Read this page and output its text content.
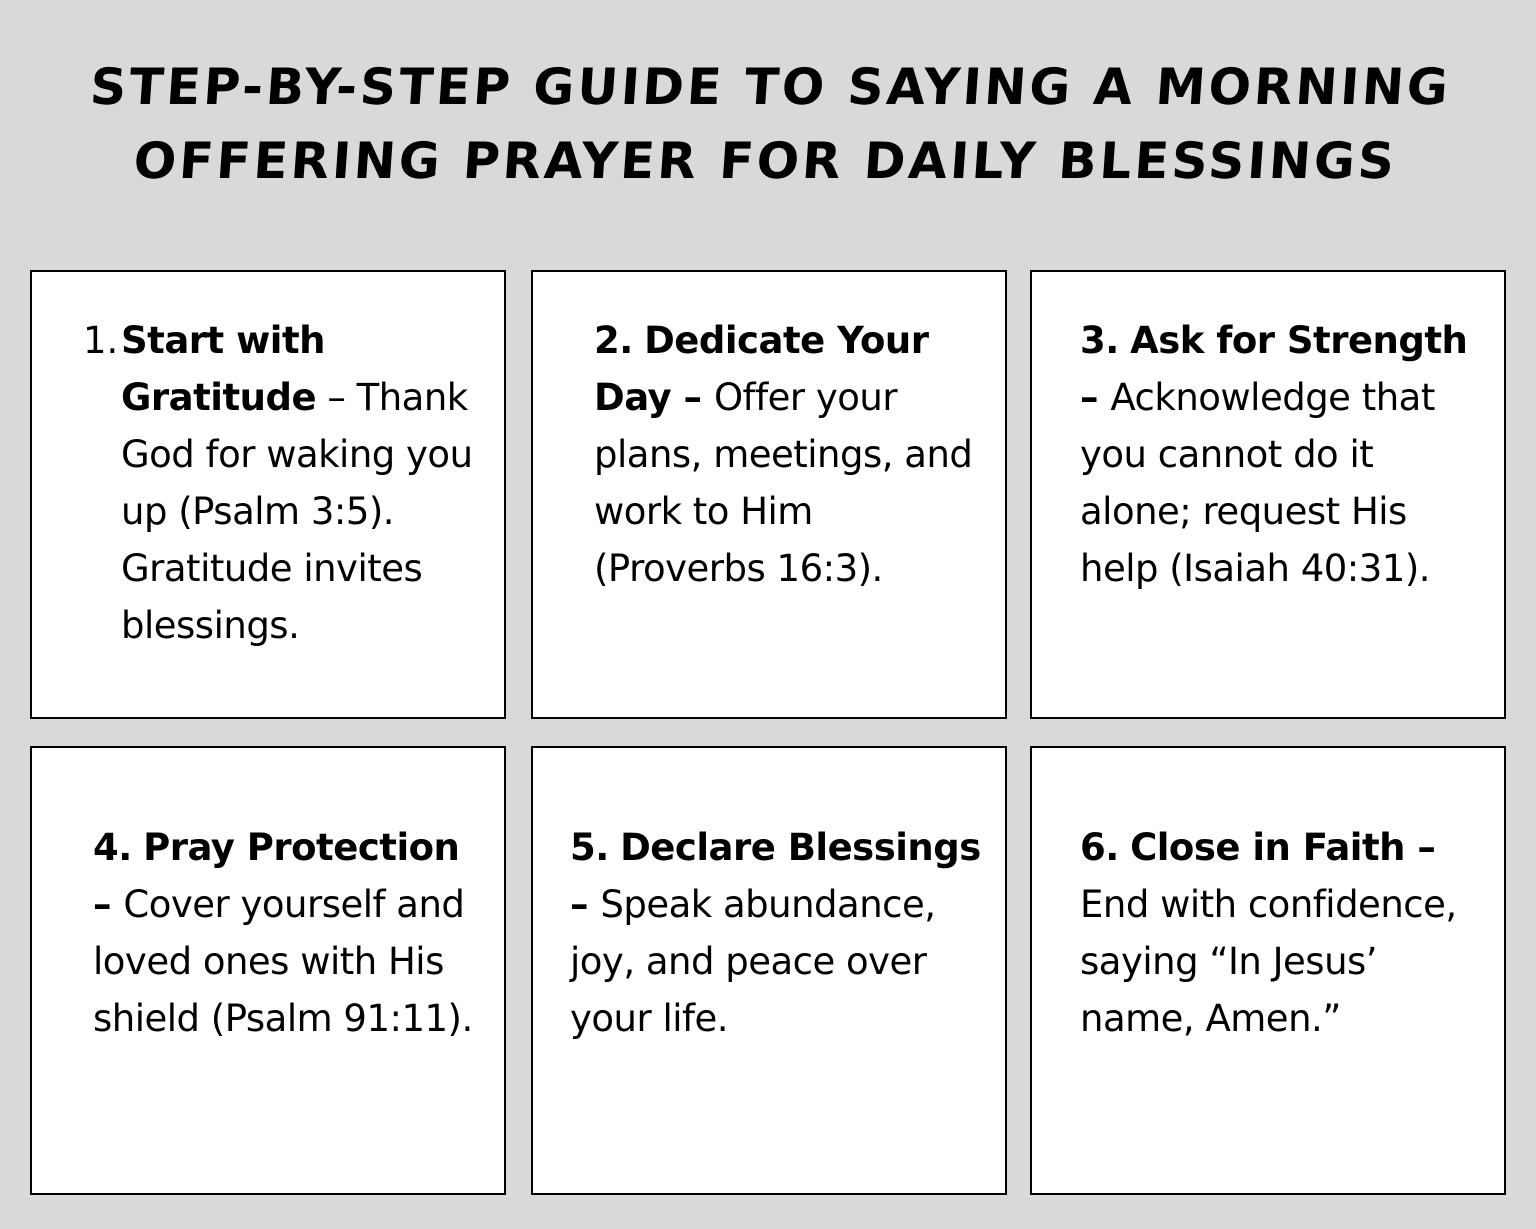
STEP-BY-STEP GUIDE TO SAYING A MORNING
OFFERING PRAYER FOR DAILY BLESSINGS
1. Start with Gratitude – Thank God for waking you up (Psalm 3:5). Gratitude invites blessings.

2. Dedicate Your Day – Offer your plans, meetings, and work to Him (Proverbs 16:3).

3. Ask for Strength – Acknowledge that you cannot do it alone; request His help (Isaiah 40:31).

4. Pray Protection – Cover yourself and loved ones with His shield (Psalm 91:11).

5. Declare Blessings – Speak abundance, joy, and peace over your life.

6. Close in Faith – End with confidence, saying “In Jesus’ name, Amen.”
